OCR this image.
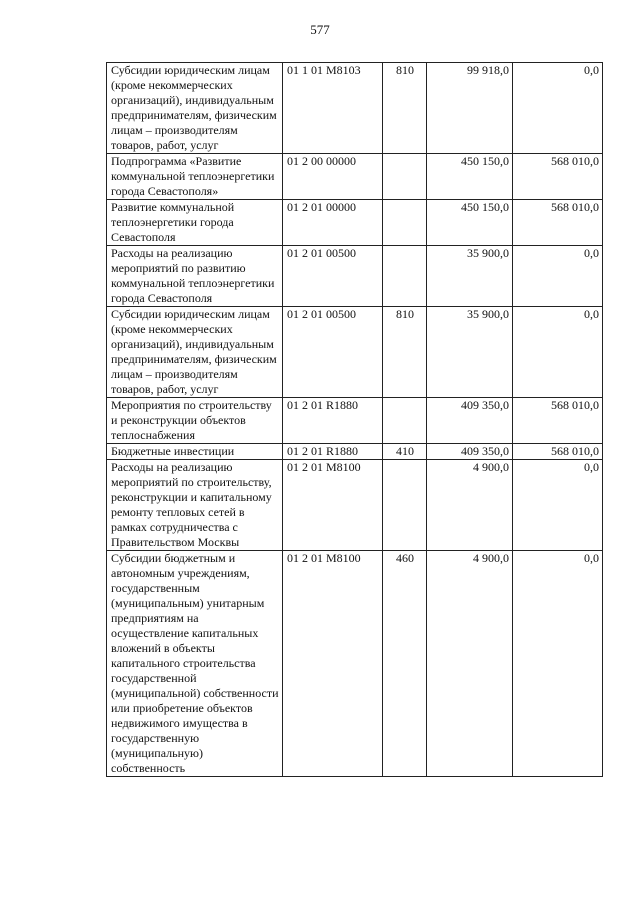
577
Субсидии юридическим лицам (кроме некоммерческих организаций), индивидуальным предпринимателям, физическим лицам – производителям товаров, работ, услуг	01 1 01 М8103	810	99 918,0	0,0
Подпрограмма «Развитие коммунальной теплоэнергетики города Севастополя»	01 2 00 00000		450 150,0	568 010,0
Развитие коммунальной теплоэнергетики города Севастополя	01 2 01 00000		450 150,0	568 010,0
Расходы на реализацию мероприятий по развитию коммунальной теплоэнергетики города Севастополя	01 2 01 00500		35 900,0	0,0
Субсидии юридическим лицам (кроме некоммерческих организаций), индивидуальным предпринимателям, физическим лицам – производителям товаров, работ, услуг	01 2 01 00500	810	35 900,0	0,0
Мероприятия по строительству и реконструкции объектов теплоснабжения	01 2 01 R1880		409 350,0	568 010,0
Бюджетные инвестиции	01 2 01 R1880	410	409 350,0	568 010,0
Расходы на реализацию мероприятий по строительству, реконструкции и капитальному ремонту тепловых сетей в рамках сотрудничества с Правительством Москвы	01 2 01 М8100		4 900,0	0,0
Субсидии бюджетным и автономным учреждениям, государственным (муниципальным) унитарным предприятиям на осуществление капитальных вложений в объекты капитального строительства государственной (муниципальной) собственности или приобретение объектов недвижимого имущества в государственную (муниципальную) собственность	01 2 01 М8100	460	4 900,0	0,0
